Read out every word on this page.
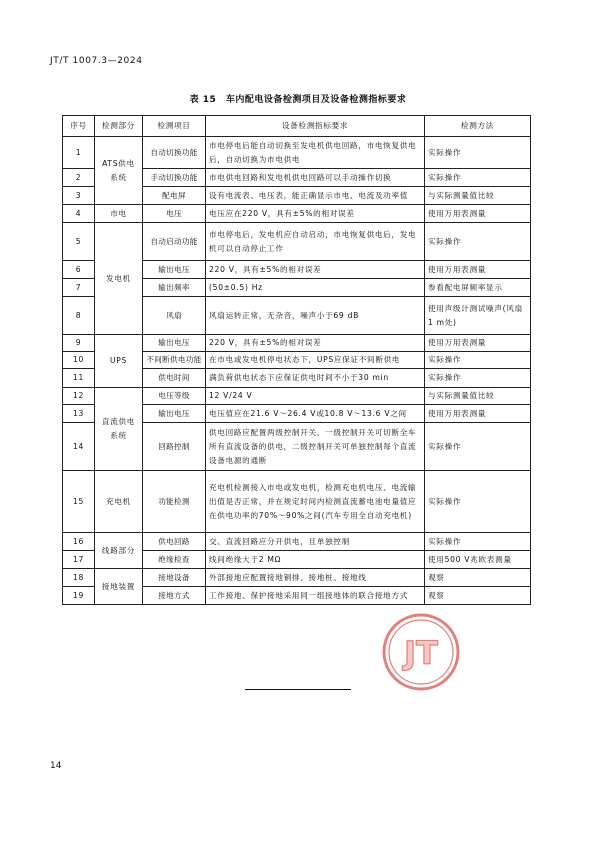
JT/T 1007.3—2024
表 15　车内配电设备检测项目及设备检测指标要求
序号	检测部分	检测项目	设备检测指标要求	检测方法
1	ATS供电系统	自动切换功能	市电停电后能自动切换至发电机供电回路，市电恢复供电后，自动切换为市电供电	实际操作
2		手动切换功能	市电供电回路和发电机供电回路可以手动操作切换	实际操作
3		配电屏	设有电流表、电压表，能正确显示市电、电流及功率值	与实际测量值比较
4	市电	电压	电压应在220 V，具有±5%的相对误差	使用万用表测量
5	发电机	自动启动功能	市电停电后，发电机应自动启动，市电恢复供电后，发电机可以自动停止工作	实际操作
6		输出电压	220 V，具有±5%的相对误差	使用万用表测量
7		输出频率	(50±0.5) Hz	参看配电屏频率显示
8		风扇	风扇运转正常，无杂音，噪声小于69 dB	使用声级计测试噪声(风扇1 m处)
9	UPS	输出电压	220 V，具有±5%的相对误差	使用万用表测量
10		不间断供电功能	在市电或发电机停电状态下，UPS应保证不间断供电	实际操作
11		供电时间	满负荷供电状态下应保证供电时间不小于30 min	实际操作
12	直流供电系统	电压等级	12 V/24 V	与实际测量值比较
13		输出电压	电压值应在21.6 V～26.4 V或10.8 V～13.6 V之间	使用万用表测量
14		回路控制	供电回路应配置两级控制开关，一级控制开关可切断全车所有直流设备的供电，二级控制开关可单独控制每个直流设备电源的通断	实际操作
15	充电机	功能检测	充电机检测接入市电或发电机，检测充电机电压、电流输出值是否正常，并在规定时间内检测直流蓄电池电量值应在供电功率的70%～90%之间(汽车专用全自动充电机)	实际操作
16	线路部分	供电回路	交、直流回路应分开供电，且单独控制	实际操作
17		绝缘检查	线间绝缘大于2 MΩ	使用500 V兆欧表测量
18	接地装置	接地设备	外部接地应配置接地铜排、接地桩、接地线	观察
19		接地方式	工作接地、保护接地采用同一组接地体的联合接地方式	观察
JT
14
